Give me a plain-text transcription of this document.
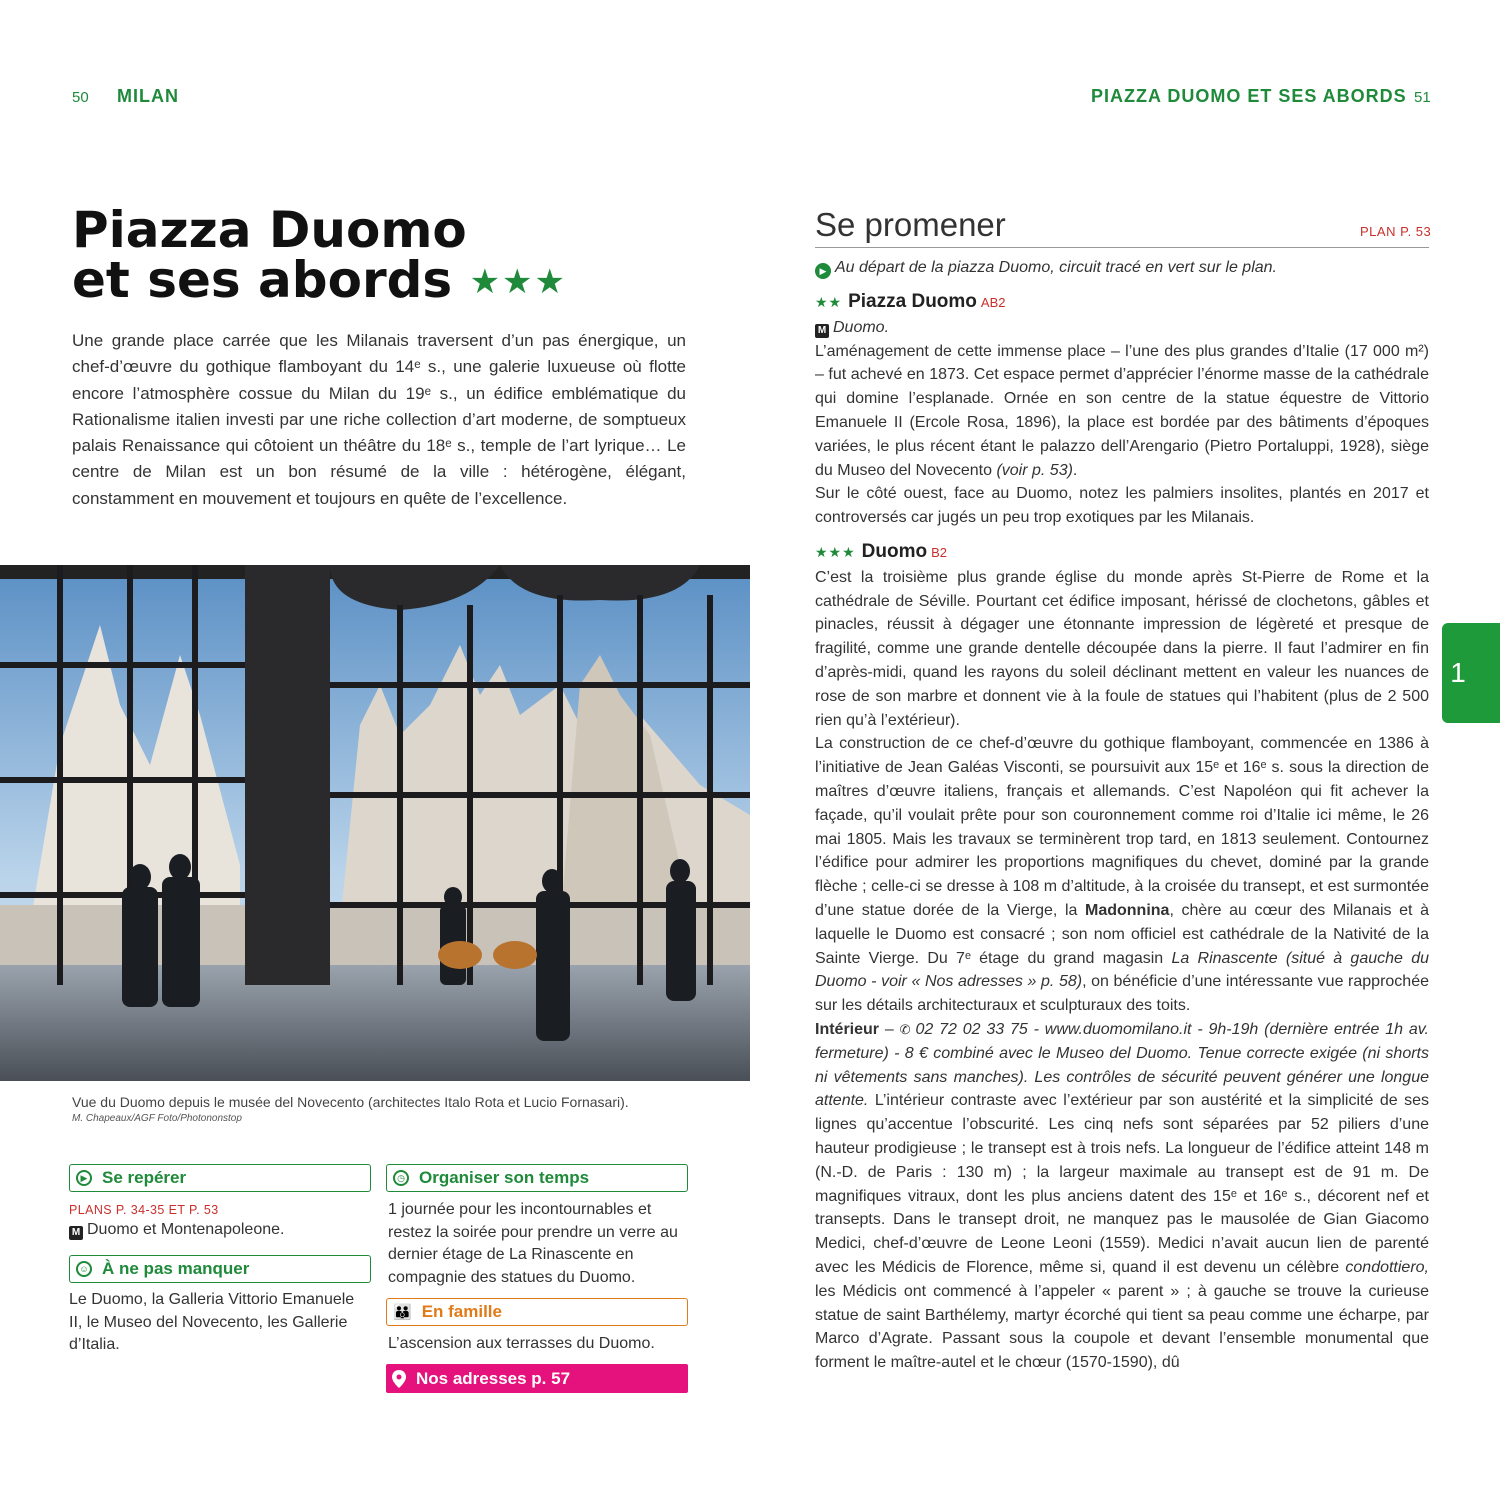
50 MILAN	PIAZZA DUOMO ET SES ABORDS 51
Piazza Duomo
et ses abords ★★★
Une grande place carrée que les Milanais traversent d’un pas énergique, un chef-d’œuvre du gothique flamboyant du 14ᵉ s., une galerie luxueuse où flotte encore l’atmosphère cossue du Milan du 19ᵉ s., un édifice emblématique du Rationalisme italien investi par une riche collection d’art moderne, de somptueux palais Renaissance qui côtoient un théâtre du 18ᵉ s., temple de l’art lyrique… Le centre de Milan est un bon résumé de la ville : hétérogène, élégant, constamment en mouvement et toujours en quête de l’excellence.
Vue du Duomo depuis le musée del Novecento (architectes Italo Rota et Lucio Fornasari).
M. Chapeaux/AGF Foto/Photononstop
▶ Se repérer
PLANS P. 34-35 ET P. 53
M Duomo et Montenapoleone.
☺ À ne pas manquer
Le Duomo, la Galleria Vittorio Emanuele II, le Museo del Novecento, les Gallerie d’Italia.
◷ Organiser son temps
1 journée pour les incontournables et restez la soirée pour prendre un verre au dernier étage de La Rinascente en compagnie des statues du Duomo.
👪 En famille
L’ascension aux terrasses du Duomo.
Nos adresses p. 57
Se promener	PLAN P. 53
▶ Au départ de la piazza Duomo, circuit tracé en vert sur le plan.
★★ Piazza Duomo AB2

M Duomo.

L’aménagement de cette immense place – l’une des plus grandes d’Italie (17 000 m²) – fut achevé en 1873. Cet espace permet d’apprécier l’énorme masse de la cathédrale qui domine l’esplanade. Ornée en son centre de la statue équestre de Vittorio Emanuele II (Ercole Rosa, 1896), la place est bordée par des bâtiments d’époques variées, le plus récent étant le palazzo dell’Arengario (Pietro Portaluppi, 1928), siège du Museo del Novecento (voir p. 53).

Sur le côté ouest, face au Duomo, notez les palmiers insolites, plantés en 2017 et controversés car jugés un peu trop exotiques par les Milanais.

★★★ Duomo B2

C’est la troisième plus grande église du monde après St-Pierre de Rome et la cathédrale de Séville. Pourtant cet édifice imposant, hérissé de clochetons, gâbles et pinacles, réussit à dégager une étonnante impression de légèreté et presque de fragilité, comme une grande dentelle découpée dans la pierre. Il faut l’admirer en fin d’après-midi, quand les rayons du soleil déclinant mettent en valeur les nuances de rose de son marbre et donnent vie à la foule de statues qui l’habitent (plus de 2 500 rien qu’à l’extérieur).

La construction de ce chef-d’œuvre du gothique flamboyant, commencée en 1386 à l’initiative de Jean Galéas Visconti, se poursuivit aux 15ᵉ et 16ᵉ s. sous la direction de maîtres d’œuvre italiens, français et allemands. C’est Napoléon qui fit achever la façade, qu’il voulait prête pour son couronnement comme roi d’Italie ici même, le 26 mai 1805. Mais les travaux se terminèrent trop tard, en 1813 seulement. Contournez l’édifice pour admirer les proportions magnifiques du chevet, dominé par la grande flèche ; celle-ci se dresse à 108 m d’altitude, à la croisée du transept, et est surmontée d’une statue dorée de la Vierge, la Madonnina, chère au cœur des Milanais et à laquelle le Duomo est consacré ; son nom officiel est cathédrale de la Nativité de la Sainte Vierge. Du 7ᵉ étage du grand magasin La Rinascente (situé à gauche du Duomo - voir « Nos adresses » p. 58), on bénéficie d’une intéressante vue rapprochée sur les détails architecturaux et sculpturaux des toits.

Intérieur – ✆ 02 72 02 33 75 - www.duomomilano.it - 9h-19h (dernière entrée 1h av. fermeture) - 8 € combiné avec le Museo del Duomo. Tenue correcte exigée (ni shorts ni vêtements sans manches). Les contrôles de sécurité peuvent générer une longue attente. L’intérieur contraste avec l’extérieur par son austérité et la simplicité de ses lignes qu’accentue l’obscurité. Les cinq nefs sont séparées par 52 piliers d’une hauteur prodigieuse ; le transept est à trois nefs. La longueur de l’édifice atteint 148 m (N.-D. de Paris : 130 m) ; la largeur maximale au transept est de 91 m. De magnifiques vitraux, dont les plus anciens datent des 15ᵉ et 16ᵉ s., décorent nef et transepts. Dans le transept droit, ne manquez pas le mausolée de Gian Giacomo Medici, chef-d’œuvre de Leone Leoni (1559). Medici n’avait aucun lien de parenté avec les Médicis de Florence, même si, quand il est devenu un célèbre condottiero, les Médicis ont commencé à l’appeler « parent » ; à gauche se trouve la curieuse statue de saint Barthélemy, martyr écorché qui tient sa peau comme une écharpe, par Marco d’Agrate. Passant sous la coupole et devant l’ensemble monumental que forment le maître-autel et le chœur (1570-1590), dû

1
